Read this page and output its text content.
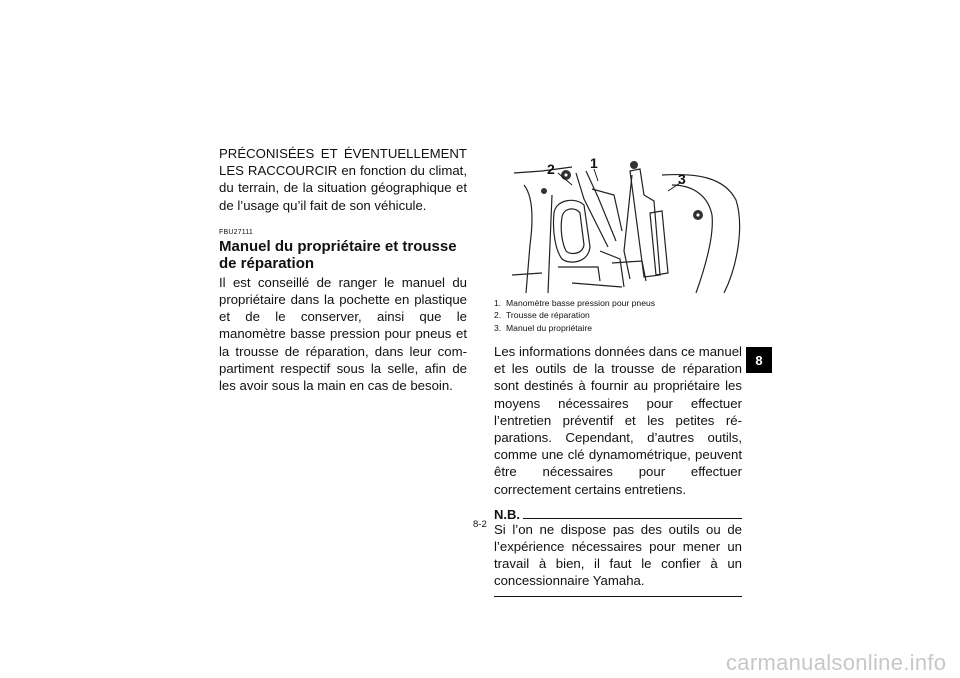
PRÉCONISÉES ET ÉVENTUELLEMENT LES RACCOURCIR en fonction du climat, du terrain, de la situation géographique et de l’usage qu’il fait de son véhicule.
FBU27111
Manuel du propriétaire et trousse de réparation
Il est conseillé de ranger le manuel du propriétaire dans la pochette en plastique et de le conserver, ainsi que le manomètre basse pression pour pneus et la trousse de réparation, dans leur com-partiment respectif sous la selle, afin de les avoir sous la main en cas de besoin.
1
2
3
1. Manomètre basse pression pour pneus
2. Trousse de réparation
3. Manuel du propriétaire
Les informations données dans ce manuel et les outils de la trousse de réparation sont destinés à fournir au propriétaire les moyens nécessaires pour effectuer l’entretien préventif et les petites ré-parations. Cependant, d’autres outils, comme une clé dynamométrique, peuvent être nécessaires pour effectuer correctement certains entretiens.
N.B.
Si l’on ne dispose pas des outils ou de l’expérience nécessaires pour mener un travail à bien, il faut le confier à un concessionnaire Yamaha.
8-2
8
carmanualsonline.info
